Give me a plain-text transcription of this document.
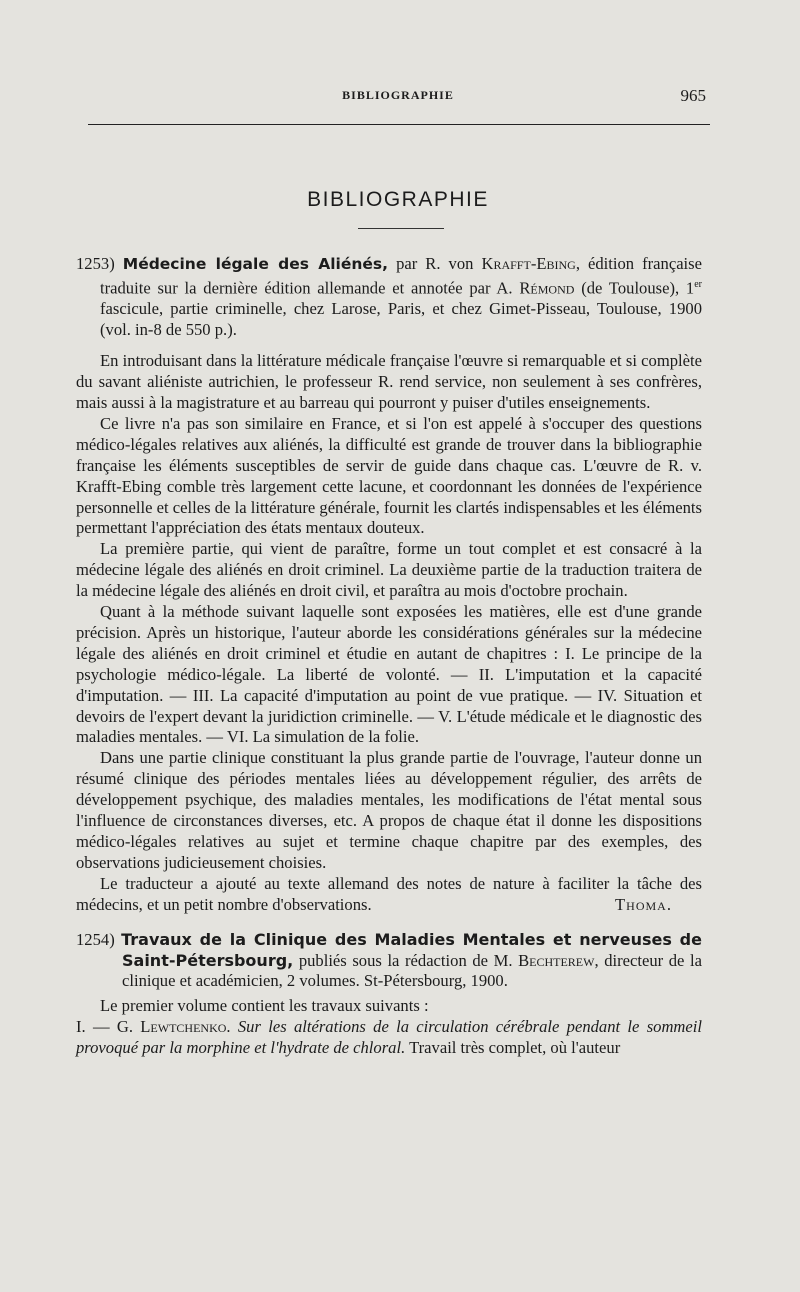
BIBLIOGRAPHIE	965
BIBLIOGRAPHIE

1253) Médecine légale des Aliénés, par R. von Krafft-Ebing, édition française traduite sur la dernière édition allemande et annotée par A. Rémond (de Toulouse), 1er fascicule, partie criminelle, chez Larose, Paris, et chez Gimet-Pisseau, Toulouse, 1900 (vol. in-8 de 550 p.).

En introduisant dans la littérature médicale française l'œuvre si remarquable et si complète du savant aliéniste autrichien, le professeur R. rend service, non seulement à ses confrères, mais aussi à la magistrature et au barreau qui pourront y puiser d'utiles enseignements.

Ce livre n'a pas son similaire en France, et si l'on est appelé à s'occuper des questions médico-légales relatives aux aliénés, la difficulté est grande de trouver dans la bibliographie française les éléments susceptibles de servir de guide dans chaque cas. L'œuvre de R. v. Krafft-Ebing comble très largement cette lacune, et coordonnant les données de l'expérience personnelle et celles de la littérature générale, fournit les clartés indispensables et les éléments permettant l'appréciation des états mentaux douteux.

La première partie, qui vient de paraître, forme un tout complet et est consacré à la médecine légale des aliénés en droit criminel. La deuxième partie de la traduction traitera de la médecine légale des aliénés en droit civil, et paraîtra au mois d'octobre prochain.

Quant à la méthode suivant laquelle sont exposées les matières, elle est d'une grande précision. Après un historique, l'auteur aborde les considérations générales sur la médecine légale des aliénés en droit criminel et étudie en autant de chapitres : I. Le principe de la psychologie médico-légale. La liberté de volonté. — II. L'imputation et la capacité d'imputation. — III. La capacité d'imputation au point de vue pratique. — IV. Situation et devoirs de l'expert devant la juridiction criminelle. — V. L'étude médicale et le diagnostic des maladies mentales. — VI. La simulation de la folie.

Dans une partie clinique constituant la plus grande partie de l'ouvrage, l'auteur donne un résumé clinique des périodes mentales liées au développement régulier, des arrêts de développement psychique, des maladies mentales, les modifications de l'état mental sous l'influence de circonstances diverses, etc. A propos de chaque état il donne les dispositions médico-légales relatives au sujet et termine chaque chapitre par des exemples, des observations judicieusement choisies.

Le traducteur a ajouté au texte allemand des notes de nature à faciliter la tâche des médecins, et un petit nombre d'observations.	Thoma.

1254) Travaux de la Clinique des Maladies Mentales et nerveuses de Saint-Pétersbourg, publiés sous la rédaction de M. Bechterew, directeur de la clinique et académicien, 2 volumes. St-Pétersbourg, 1900.

Le premier volume contient les travaux suivants :

I. — G. Lewtchenko. Sur les altérations de la circulation cérébrale pendant le sommeil provoqué par la morphine et l'hydrate de chloral. Travail très complet, où l'auteur
